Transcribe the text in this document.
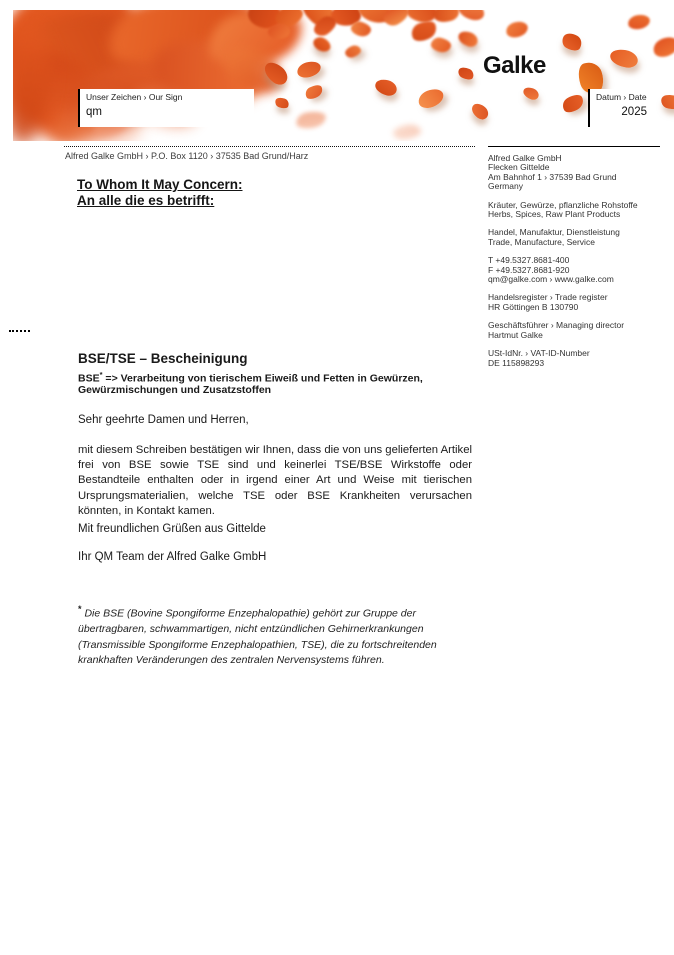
Galke
Unser Zeichen › Our Sign
qm
Datum › Date
2025
Alfred Galke GmbH › P.O. Box 1120 › 37535 Bad Grund/Harz
To Whom It May Concern:
An alle die es betrifft:
Alfred Galke GmbH
Flecken Gittelde
Am Bahnhof 1 › 37539 Bad Grund
Germany
Kräuter, Gewürze, pflanzliche Rohstoffe
Herbs, Spices, Raw Plant Products
Handel, Manufaktur, Dienstleistung
Trade, Manufacture, Service
T +49.5327.8681-400
F +49.5327.8681-920
qm@galke.com › www.galke.com
Handelsregister › Trade register
HR Göttingen B 130790
Geschäftsführer › Managing director
Hartmut Galke
USt-IdNr. › VAT-ID-Number
DE 115898293
BSE/TSE – Bescheinigung
BSE* => Verarbeitung von tierischem Eiweiß und Fetten in Gewürzen, Gewürzmischungen und Zusatzstoffen
Sehr geehrte Damen und Herren,
mit diesem Schreiben bestätigen wir Ihnen, dass die von uns gelieferten Artikel frei von BSE sowie TSE sind und keinerlei TSE/BSE Wirkstoffe oder Bestandteile enthalten oder in irgend einer Art und Weise mit tierischen Ursprungsmaterialien, welche TSE oder BSE Krankheiten verursachen könnten, in Kontakt kamen.
Mit freundlichen Grüßen aus Gittelde
Ihr QM Team der Alfred Galke GmbH
* Die BSE (Bovine Spongiforme Enzephalopathie) gehört zur Gruppe der übertragbaren, schwammartigen, nicht entzündlichen Gehirnerkrankungen (Transmissible Spongiforme Enzephalopathien, TSE), die zu fortschreitenden krankhaften Veränderungen des zentralen Nervensystems führen.
